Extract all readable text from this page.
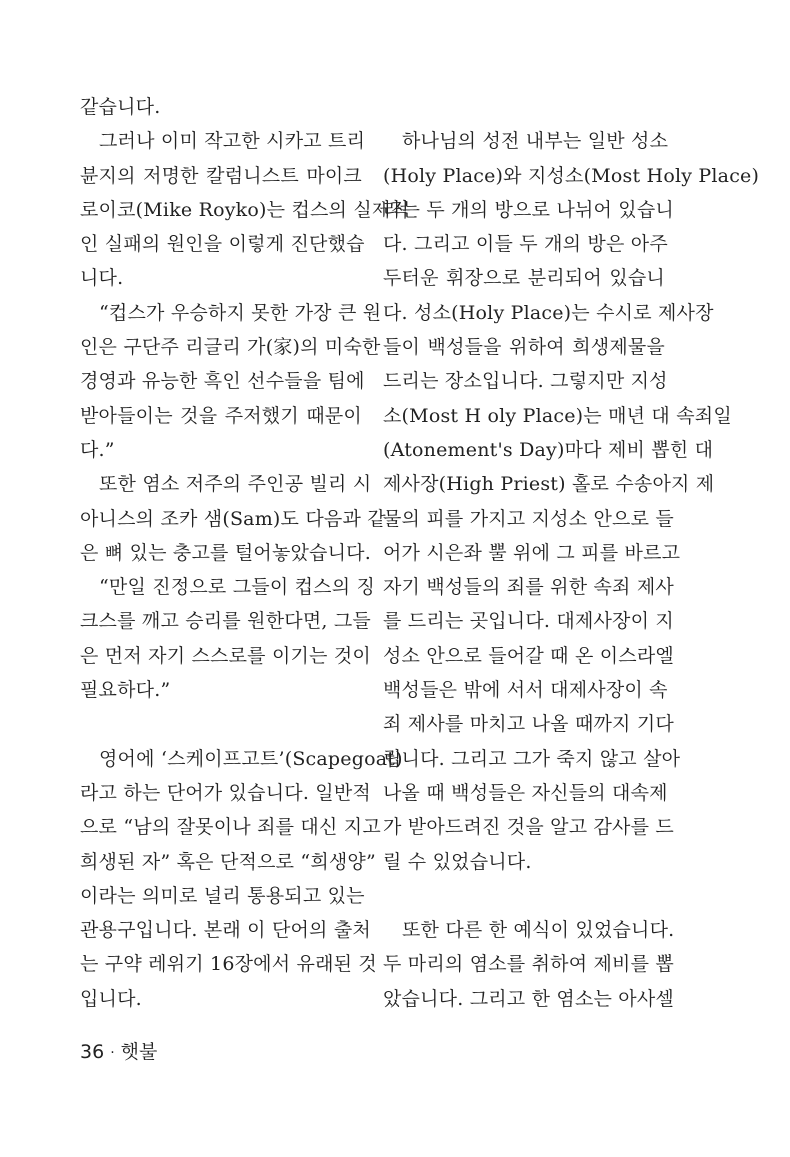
같습니다.
그러나 이미 작고한 시카고 트리
뷴지의 저명한 칼럼니스트 마이크
로이코(Mike Royko)는 컵스의 실제적
인 실패의 원인을 이렇게 진단했습
니다.
“컵스가 우승하지 못한 가장 큰 원
인은 구단주 리글리 가(家)의 미숙한
경영과 유능한 흑인 선수들을 팀에
받아들이는 것을 주저했기 때문이
다.”
또한 염소 저주의 주인공 빌리 시
아니스의 조카 샘(Sam)도 다음과 같
은 뼈 있는 충고를 털어놓았습니다.
“만일 진정으로 그들이 컵스의 징
크스를 깨고 승리를 원한다면, 그들
은 먼저 자기 스스로를 이기는 것이
필요하다.”
영어에 ‘스케이프고트’(Scapegoat)
라고 하는 단어가 있습니다. 일반적
으로 “남의 잘못이나 죄를 대신 지고
희생된 자” 혹은 단적으로 “희생양”
이라는 의미로 널리 통용되고 있는
관용구입니다. 본래 이 단어의 출처
는 구약 레위기 16장에서 유래된 것
입니다.
하나님의 성전 내부는 일반 성소
(Holy Place)와 지성소(Most Holy Place)
라는 두 개의 방으로 나뉘어 있습니
다. 그리고 이들 두 개의 방은 아주
두터운 휘장으로 분리되어 있습니
다. 성소(Holy Place)는 수시로 제사장
들이 백성들을 위하여 희생제물을
드리는 장소입니다. 그렇지만 지성
소(Most H oly Place)는 매년 대 속죄일
(Atonement's Day)마다 제비 뽑힌 대
제사장(High Priest) 홀로 수송아지 제
물의 피를 가지고 지성소 안으로 들
어가 시은좌 뿔 위에 그 피를 바르고
자기 백성들의 죄를 위한 속죄 제사
를 드리는 곳입니다. 대제사장이 지
성소 안으로 들어갈 때 온 이스라엘
백성들은 밖에 서서 대제사장이 속
죄 제사를 마치고 나올 때까지 기다
립니다. 그리고 그가 죽지 않고 살아
나올 때 백성들은 자신들의 대속제
가 받아드려진 것을 알고 감사를 드
릴 수 있었습니다.
또한 다른 한 예식이 있었습니다.
두 마리의 염소를 취하여 제비를 뽑
았습니다. 그리고 한 염소는 아사셀
36 · 햇불
